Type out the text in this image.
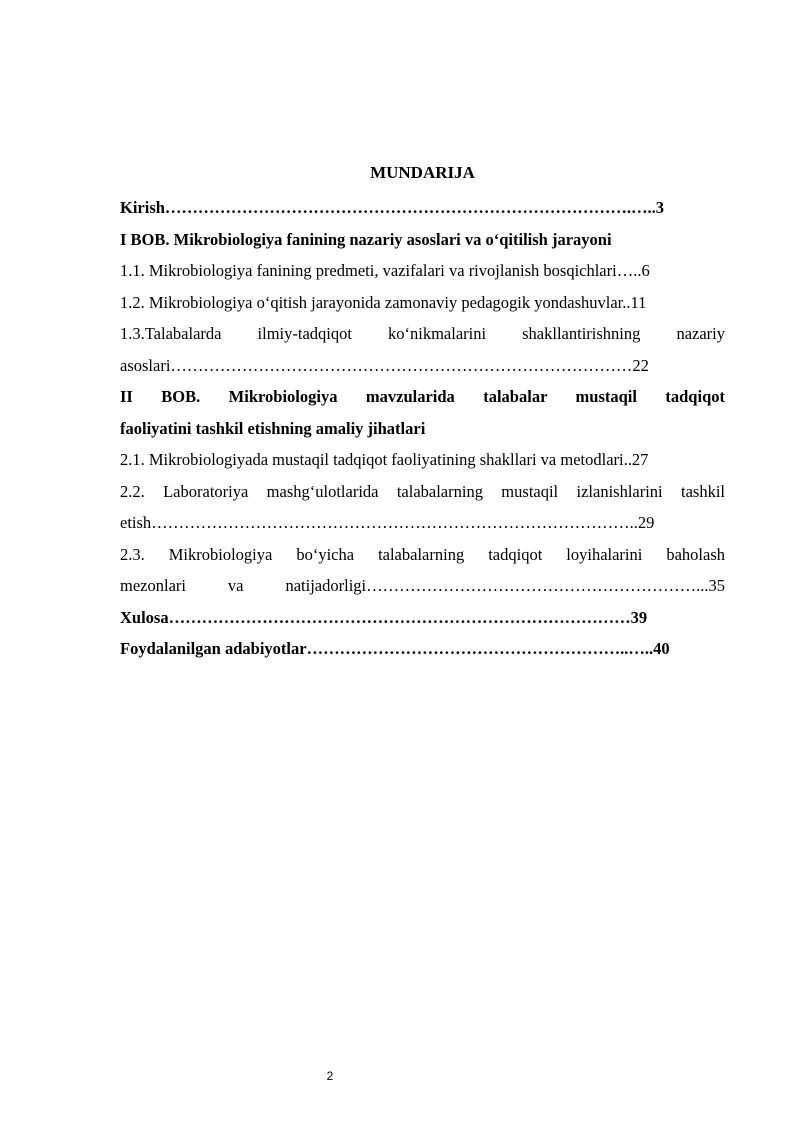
MUNDARIJA

Kirish………………………………………………………………………….…..3

I BOB. Mikrobiologiya fanining nazariy asoslari va o‘qitilish jarayoni

1.1. Mikrobiologiya fanining predmeti, vazifalari va rivojlanish bosqichlari…..6

1.2. Mikrobiologiya o‘qitish jarayonida zamonaviy pedagogik yondashuvlar..11

1.3.Talabalarda ilmiy-tadqiqot ko‘nikmalarini shakllantirishning nazariy
asoslari…………………………………………………………………………22
II BOB. Mikrobiologiya mavzularida talabalar mustaqil tadqiqot
faoliyatini tashkil etishning amaliy jihatlari

2.1. Mikrobiologiyada mustaqil tadqiqot faoliyatining shakllari va metodlari..27

2.2. Laboratoriya mashg‘ulotlarida talabalarning mustaqil izlanishlarini tashkil
etish……………………………………………………………………………..29
2.3. Mikrobiologiya bo‘yicha talabalarning tadqiqot loyihalarini baholash
mezonlari va natijadorligi……………………………………………………...35

Xulosa…………………………………………………………………………39

Foydalanilgan adabiyotlar…………………………………………………..…..40

2
